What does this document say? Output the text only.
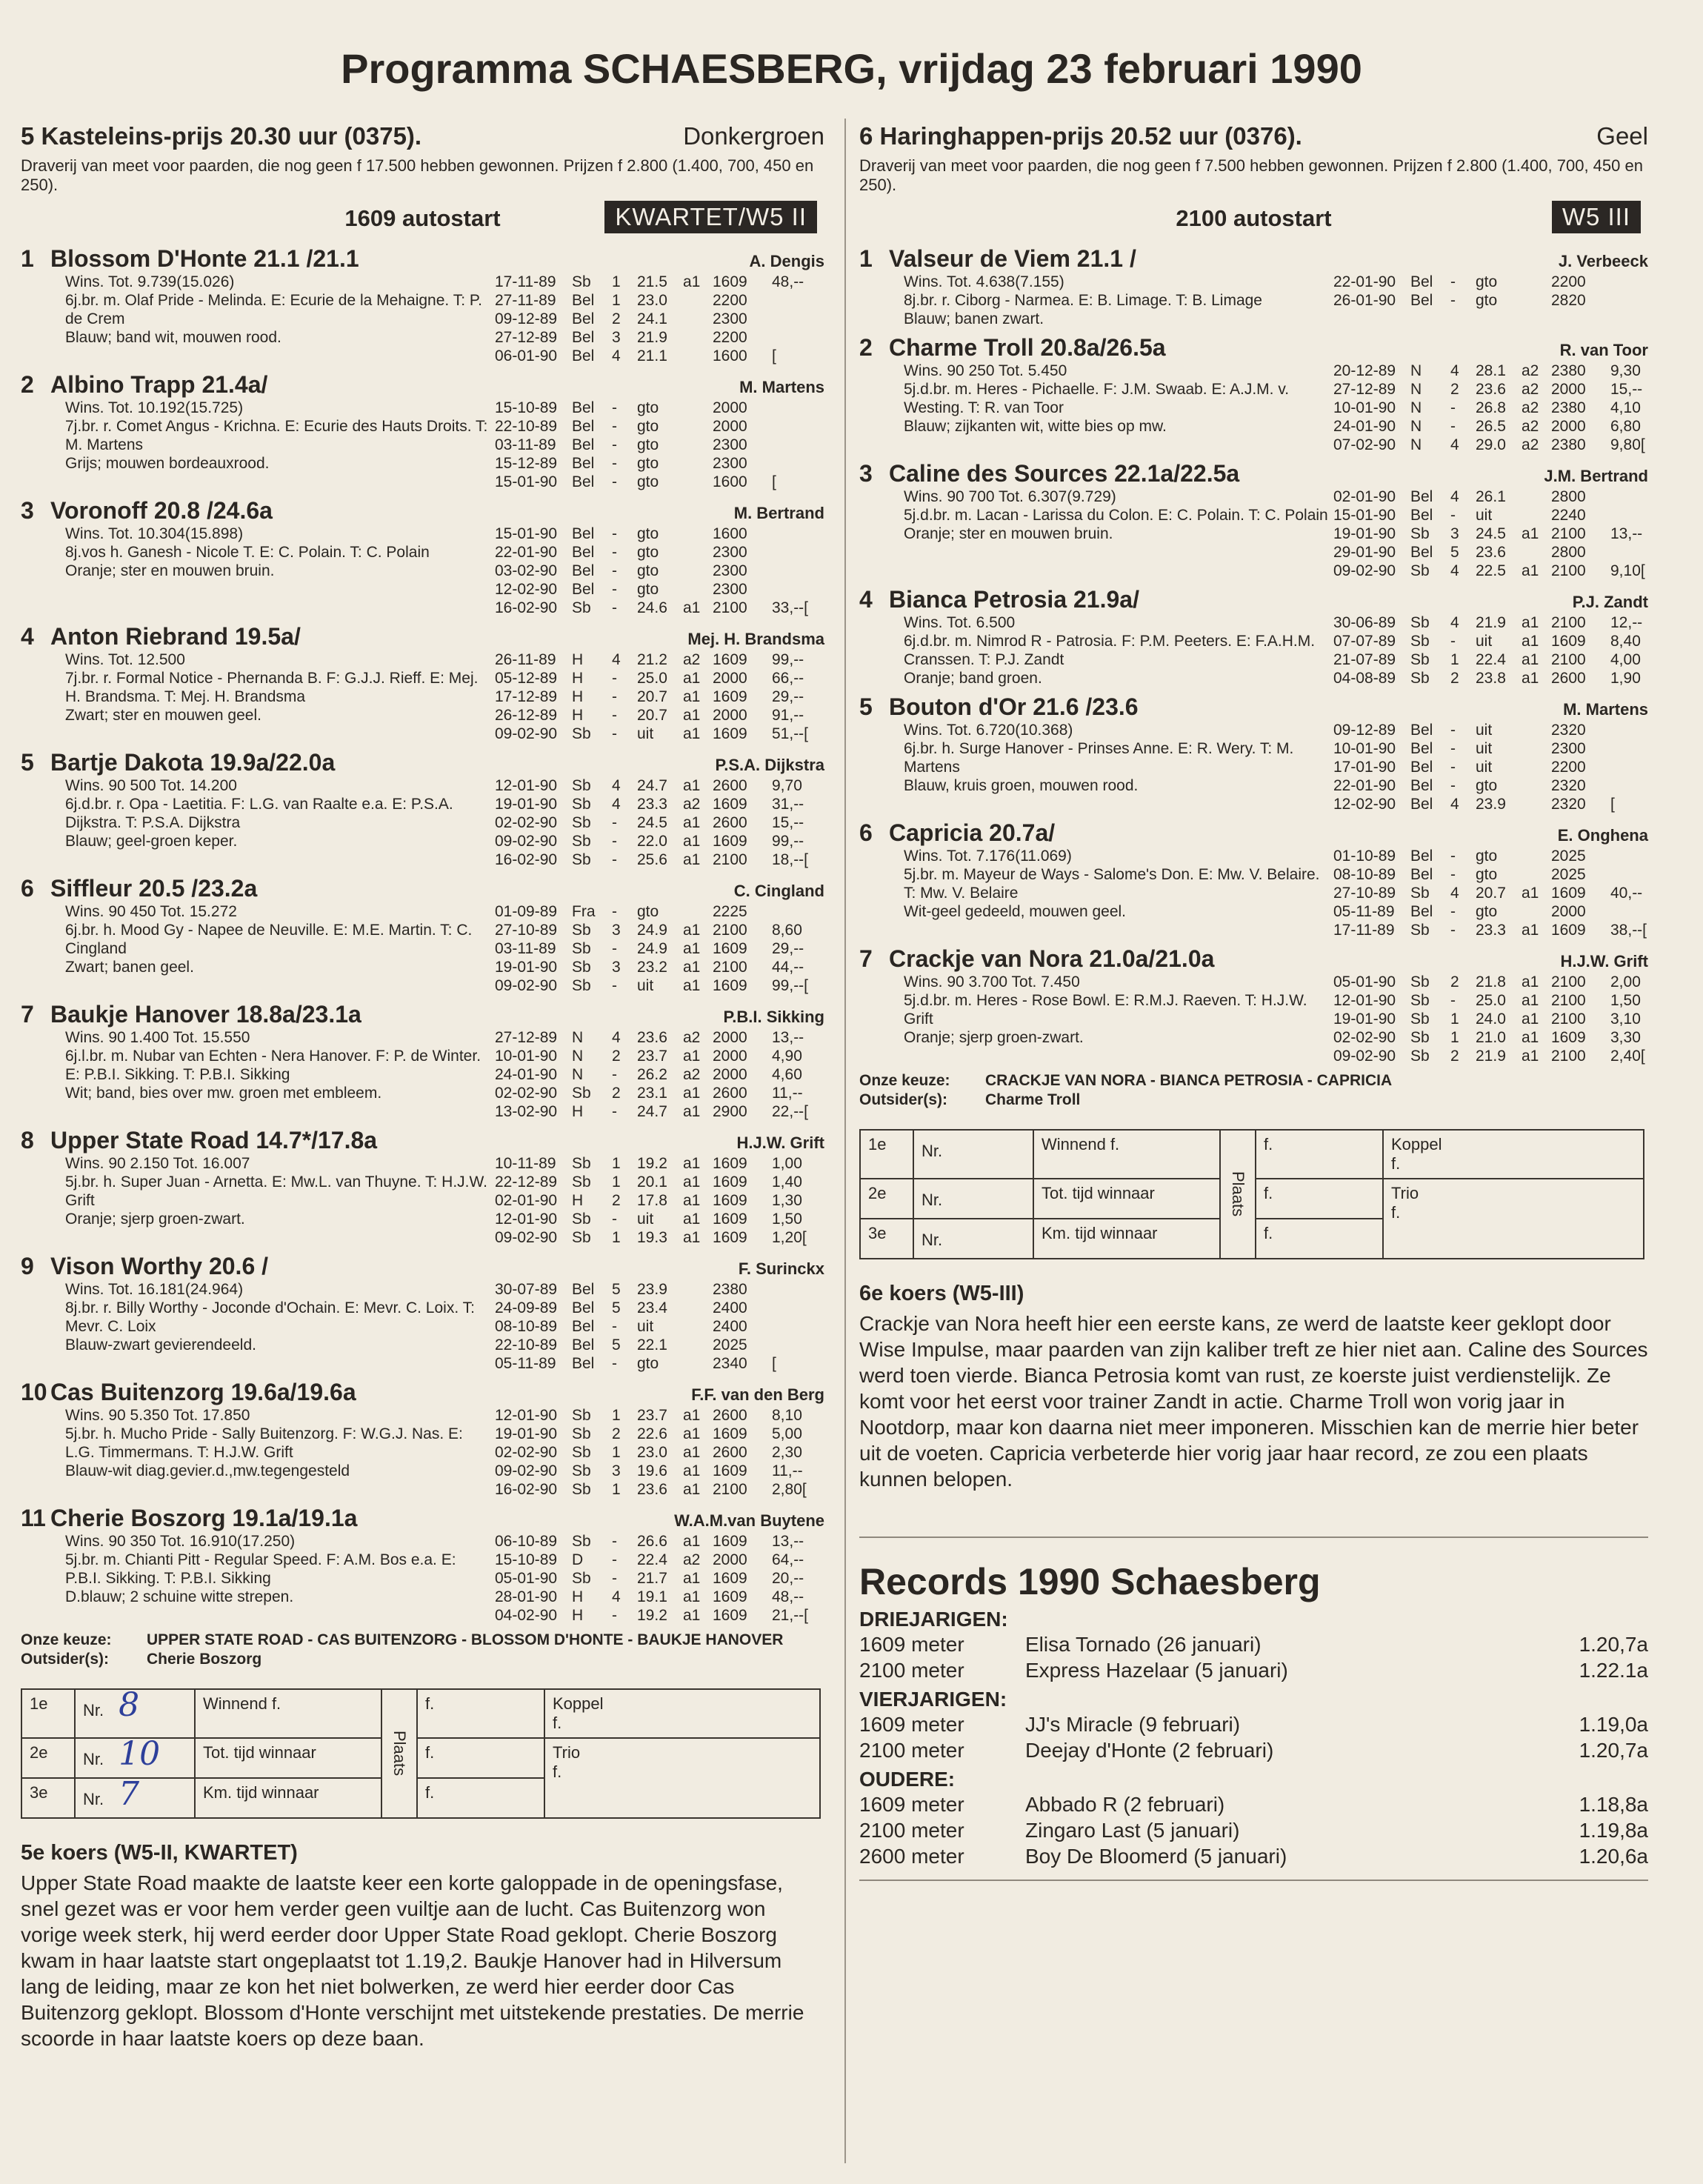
Programma SCHAESBERG, vrijdag 23 februari 1990
5 Kasteleins-prijs 20.30 uur (0375).	Donkergroen
Draverij van meet voor paarden, die nog geen f 17.500 hebben gewonnen. Prijzen f 2.800 (1.400, 700, 450 en 250).
1609 autostart	KWARTET/W5 II
1 Blossom D'Honte 21.1 /21.1	A. Dengis
Wins. Tot. 9.739(15.026)
6j.br. m. Olaf Pride - Melinda. E: Ecurie de la Mehaigne. T: P. de Crem
Blauw; band wit, mouwen rood.
17-11-89	Sb	1	21.5	a1 1609	48,--
27-11-89	Bel	1	23.0	2200
09-12-89 Bel	2	24.1	2300
27-12-89 Bel	3	21.9	2200
06-01-90 Bel	4	21.1	1600	[
2 Albino Trapp 21.4a/	M. Martens
Wins. Tot. 10.192(15.725)
7j.br. r. Comet Angus - Krichna. E: Ecurie des Hauts Droits. T: M. Martens
Grijs; mouwen bordeauxrood.
15-10-89 Bel	-	gto	2000
22-10-89 Bel	-	gto	2000
03-11-89	Bel	-	gto	2300
15-12-89 Bel	-	gto	2300
15-01-90 Bel	-	gto	1600	[
3 Voronoff 20.8 /24.6a	M. Bertrand
Wins. Tot. 10.304(15.898)
8j.vos h. Ganesh - Nicole T. E: C. Polain. T: C. Polain
Oranje; ster en mouwen bruin.
15-01-90 Bel	-	gto	1600
22-01-90 Bel	-	gto	2300
03-02-90 Bel	-	gto	2300
12-02-90 Bel	-	gto	2300
16-02-90 Sb	-	24.6	a1 2100	33,--[
4 Anton Riebrand 19.5a/	Mej. H. Brandsma
Wins. Tot. 12.500
7j.br. r. Formal Notice - Phernanda B. F: G.J.J. Rieff. E: Mej. H. Brandsma. T: Mej. H. Brandsma
Zwart; ster en mouwen geel.
26-11-89	H	4	21.2	a2 1609	99,--
05-12-89 H	-	25.0	a1 2000	66,--
17-12-89 H	-	20.7	a1 1609	29,--
26-12-89 H	-	20.7	a1 2000	91,--
09-02-90 Sb	-	uit	a1 1609	51,--[
5 Bartje Dakota 19.9a/22.0a	P.S.A. Dijkstra
Wins. 90 500 Tot. 14.200
6j.d.br. r. Opa - Laetitia. F: L.G. van Raalte e.a. E: P.S.A. Dijkstra. T: P.S.A. Dijkstra
Blauw; geel-groen keper.
12-01-90 Sb	4	24.7	a1 2600	9,70
19-01-90 Sb	4	23.3	a2 1609	31,--
02-02-90 Sb	-	24.5	a1 2600	15,--
09-02-90 Sb	-	22.0	a1 1609	99,--
16-02-90 Sb	-	25.6	a1 2100	18,--[
6 Siffleur 20.5 /23.2a	C. Cingland
Wins. 90 450 Tot. 15.272
6j.br. h. Mood Gy - Napee de Neuville. E: M.E. Martin. T: C. Cingland
Zwart; banen geel.
01-09-89 Fra	-	gto	2225
27-10-89 Sb	3	24.9	a1 2100	8,60
03-11-89	Sb	-	24.9	a1 1609	29,--
19-01-90 Sb	3	23.2	a1 2100	44,--
09-02-90 Sb	-	uit	a1 1609	99,--[
7 Baukje Hanover 18.8a/23.1a	P.B.I. Sikking
Wins. 90 1.400 Tot. 15.550
6j.l.br. m. Nubar van Echten - Nera Hanover. F: P. de Winter. E: P.B.I. Sikking. T: P.B.I. Sikking
Wit; band, bies over mw. groen met embleem.
27-12-89 N	4	23.6	a2 2000	13,--
10-01-90 N	2	23.7	a1 2000	4,90
24-01-90 N	-	26.2	a2 2000	4,60
02-02-90 Sb	2	23.1	a1 2600	11,--
13-02-90 H	-	24.7	a1 2900	22,--[
8 Upper State Road 14.7*/17.8a	H.J.W. Grift
Wins. 90 2.150 Tot. 16.007
5j.br. h. Super Juan - Arnetta. E: Mw.L. van Thuyne. T: H.J.W. Grift
Oranje; sjerp groen-zwart.
10-11-89	Sb	1	19.2	a1 1609	1,00
22-12-89 Sb	1	20.1	a1 1609	1,40
02-01-90 H	2	17.8	a1 1609	1,30
12-01-90 Sb	-	uit	a1 1609	1,50
09-02-90 Sb	1	19.3	a1 1609	1,20[
9 Vison Worthy 20.6 /	F. Surinckx
Wins. Tot. 16.181(24.964)
8j.br. r. Billy Worthy - Joconde d'Ochain. E: Mevr. C. Loix. T: Mevr. C. Loix
Blauw-zwart gevierendeeld.
30-07-89 Bel	5	23.9	2380
24-09-89 Bel	5	23.4	2400
08-10-89 Bel	-	uit	2400
22-10-89 Bel	5	22.1	2025
05-11-89	Bel	-	gto	2340	[
10 Cas Buitenzorg 19.6a/19.6a	F.F. van den Berg
Wins. 90 5.350 Tot. 17.850
5j.br. h. Mucho Pride - Sally Buitenzorg. F: W.G.J. Nas. E: L.G. Timmermans. T: H.J.W. Grift
Blauw-wit diag.gevier.d.,mw.tegengesteld
12-01-90 Sb	1	23.7	a1 2600	8,10
19-01-90 Sb	2	22.6	a1 1609	5,00
02-02-90 Sb	1	23.0	a1 2600	2,30
09-02-90 Sb	3	19.6	a1 1609	11,--
16-02-90 Sb	1	23.6	a1 2100	2,80[
11 Cherie Boszorg 19.1a/19.1a	W.A.M.van Buytene
Wins. 90 350 Tot. 16.910(17.250)
5j.br. m. Chianti Pitt - Regular Speed. F: A.M. Bos e.a. E: P.B.I. Sikking. T: P.B.I. Sikking
D.blauw; 2 schuine witte strepen.
06-10-89 Sb	-	26.6	a1 1609	13,--
15-10-89 D	-	22.4	a2 2000	64,--
05-01-90 Sb	-	21.7	a1 1609	20,--
28-01-90 H	4	19.1	a1 1609	48,--
04-02-90 H	-	19.2	a1 1609	21,--[
Onze keuze:	UPPER STATE ROAD - CAS BUITENZORG - BLOSSOM D'HONTE - BAUKJE HANOVER
Outsider(s):	Cherie Boszorg
1e	Nr. 8	Winnend f.	Plaats	f.	Koppel
f.

2e	Nr. 10	Tot. tijd winnaar		f.	Trio
f.

3e	Nr. 7	Km. tijd winnaar		f.	
5e koers (W5-II, KWARTET)
Upper State Road maakte de laatste keer een korte galoppade in de openingsfase, snel gezet was er voor hem verder geen vuiltje aan de lucht. Cas Buitenzorg won vorige week sterk, hij werd eerder door Upper State Road geklopt. Cherie Boszorg kwam in haar laatste start ongeplaatst tot 1.19,2. Baukje Hanover had in Hilversum lang de leiding, maar ze kon het niet bolwerken, ze werd hier eerder door Cas Buitenzorg geklopt. Blossom d'Honte verschijnt met uitstekende prestaties. De merrie scoorde in haar laatste koers op deze baan.
6 Haringhappen-prijs 20.52 uur (0376).	Geel
Draverij van meet voor paarden, die nog geen f 7.500 hebben gewonnen. Prijzen f 2.800 (1.400, 700, 450 en 250).
2100 autostart	W5 III
1 Valseur de Viem 21.1 /	J. Verbeeck
Wins. Tot. 4.638(7.155)
8j.br. r. Ciborg - Narmea. E: B. Limage. T: B. Limage
Blauw; banen zwart.
22-01-90 Bel	-	gto	2200
26-01-90 Bel	-	gto	2820
2 Charme Troll 20.8a/26.5a	R. van Toor
Wins. 90 250 Tot. 5.450
5j.d.br. m. Heres - Pichaelle. F: J.M. Swaab. E: A.J.M. v. Westing. T: R. van Toor
Blauw; zijkanten wit, witte bies op mw.
20-12-89 N	4	28.1	a2 2380	9,30
27-12-89 N	2	23.6	a2 2000	15,--
10-01-90 N	-	26.8	a2 2380	4,10
24-01-90 N	-	26.5	a2 2000	6,80
07-02-90 N	4	29.0	a2 2380	9,80[
3 Caline des Sources 22.1a/22.5a	J.M. Bertrand
Wins. 90 700 Tot. 6.307(9.729)
5j.d.br. m. Lacan - Larissa du Colon. E: C. Polain. T: C. Polain
Oranje; ster en mouwen bruin.
02-01-90 Bel	4	26.1	2800
15-01-90 Bel	-	uit	2240
19-01-90 Sb	3	24.5	a1 2100	13,--
29-01-90 Bel	5	23.6	2800
09-02-90 Sb	4	22.5	a1 2100	9,10[
4 Bianca Petrosia 21.9a/	P.J. Zandt
Wins. Tot. 6.500
6j.d.br. m. Nimrod R - Patrosia. F: P.M. Peeters. E: F.A.H.M. Cranssen. T: P.J. Zandt
Oranje; band groen.
30-06-89 Sb	4	21.9	a1 2100	12,--
07-07-89 Sb	-	uit	a1 1609	8,40
21-07-89 Sb	1	22.4	a1 2100	4,00
04-08-89 Sb	2	23.8	a1 2600	1,90
5 Bouton d'Or 21.6 /23.6	M. Martens
Wins. Tot. 6.720(10.368)
6j.br. h. Surge Hanover - Prinses Anne. E: R. Wery. T: M. Martens
Blauw, kruis groen, mouwen rood.
09-12-89 Bel	-	uit	2320
10-01-90 Bel	-	uit	2300
17-01-90 Bel	-	uit	2200
22-01-90 Bel	-	gto	2320
12-02-90 Bel	4	23.9	2320	[
6 Capricia 20.7a/	E. Onghena
Wins. Tot. 7.176(11.069)
5j.br. m. Mayeur de Ways - Salome's Don. E: Mw. V. Belaire. T: Mw. V. Belaire
Wit-geel gedeeld, mouwen geel.
01-10-89 Bel	-	gto	2025
08-10-89 Bel	-	gto	2025
27-10-89 Sb	4	20.7	a1 1609	40,--
05-11-89	Bel	-	gto	2000
17-11-89	Sb	-	23.3	a1 1609	38,--[
7 Crackje van Nora 21.0a/21.0a	H.J.W. Grift
Wins. 90 3.700 Tot. 7.450
5j.d.br. m. Heres - Rose Bowl. E: R.M.J. Raeven. T: H.J.W. Grift
Oranje; sjerp groen-zwart.
05-01-90 Sb	2	21.8	a1 2100	2,00
12-01-90 Sb	-	25.0	a1 2100	1,50
19-01-90 Sb	1	24.0	a1 2100	3,10
02-02-90 Sb	1	21.0	a1 1609	3,30
09-02-90 Sb	2	21.9	a1 2100	2,40[
Onze keuze:	CRACKJE VAN NORA - BIANCA PETROSIA - CAPRICIA
Outsider(s):	Charme Troll
1e	Nr.	Winnend f.	Plaats	f.	Koppel
f.

2e	Nr.	Tot. tijd winnaar		f.	Trio
f.

3e	Nr.	Km. tijd winnaar		f.	
6e koers (W5-III)
Crackje van Nora heeft hier een eerste kans, ze werd de laatste keer geklopt door Wise Impulse, maar paarden van zijn kaliber treft ze hier niet aan. Caline des Sources werd toen vierde. Bianca Petrosia komt van rust, ze koerste juist verdienstelijk. Ze komt voor het eerst voor trainer Zandt in actie. Charme Troll won vorig jaar in Nootdorp, maar kon daarna niet meer imponeren. Misschien kan de merrie hier beter uit de voeten. Capricia verbeterde hier vorig jaar haar record, ze zou een plaats kunnen belopen.
Records 1990 Schaesberg
DRIEJARIGEN:
1609 meter	Elisa Tornado (26 januari)	1.20,7a
2100 meter	Express Hazelaar (5 januari)	1.22.1a
VIERJARIGEN:
1609 meter	JJ's Miracle (9 februari)	1.19,0a
2100 meter	Deejay d'Honte (2 februari)	1.20,7a
OUDERE:
1609 meter	Abbado R (2 februari)	1.18,8a
2100 meter	Zingaro Last (5 januari)	1.19,8a
2600 meter	Boy De Bloomerd (5 januari)	1.20,6a
